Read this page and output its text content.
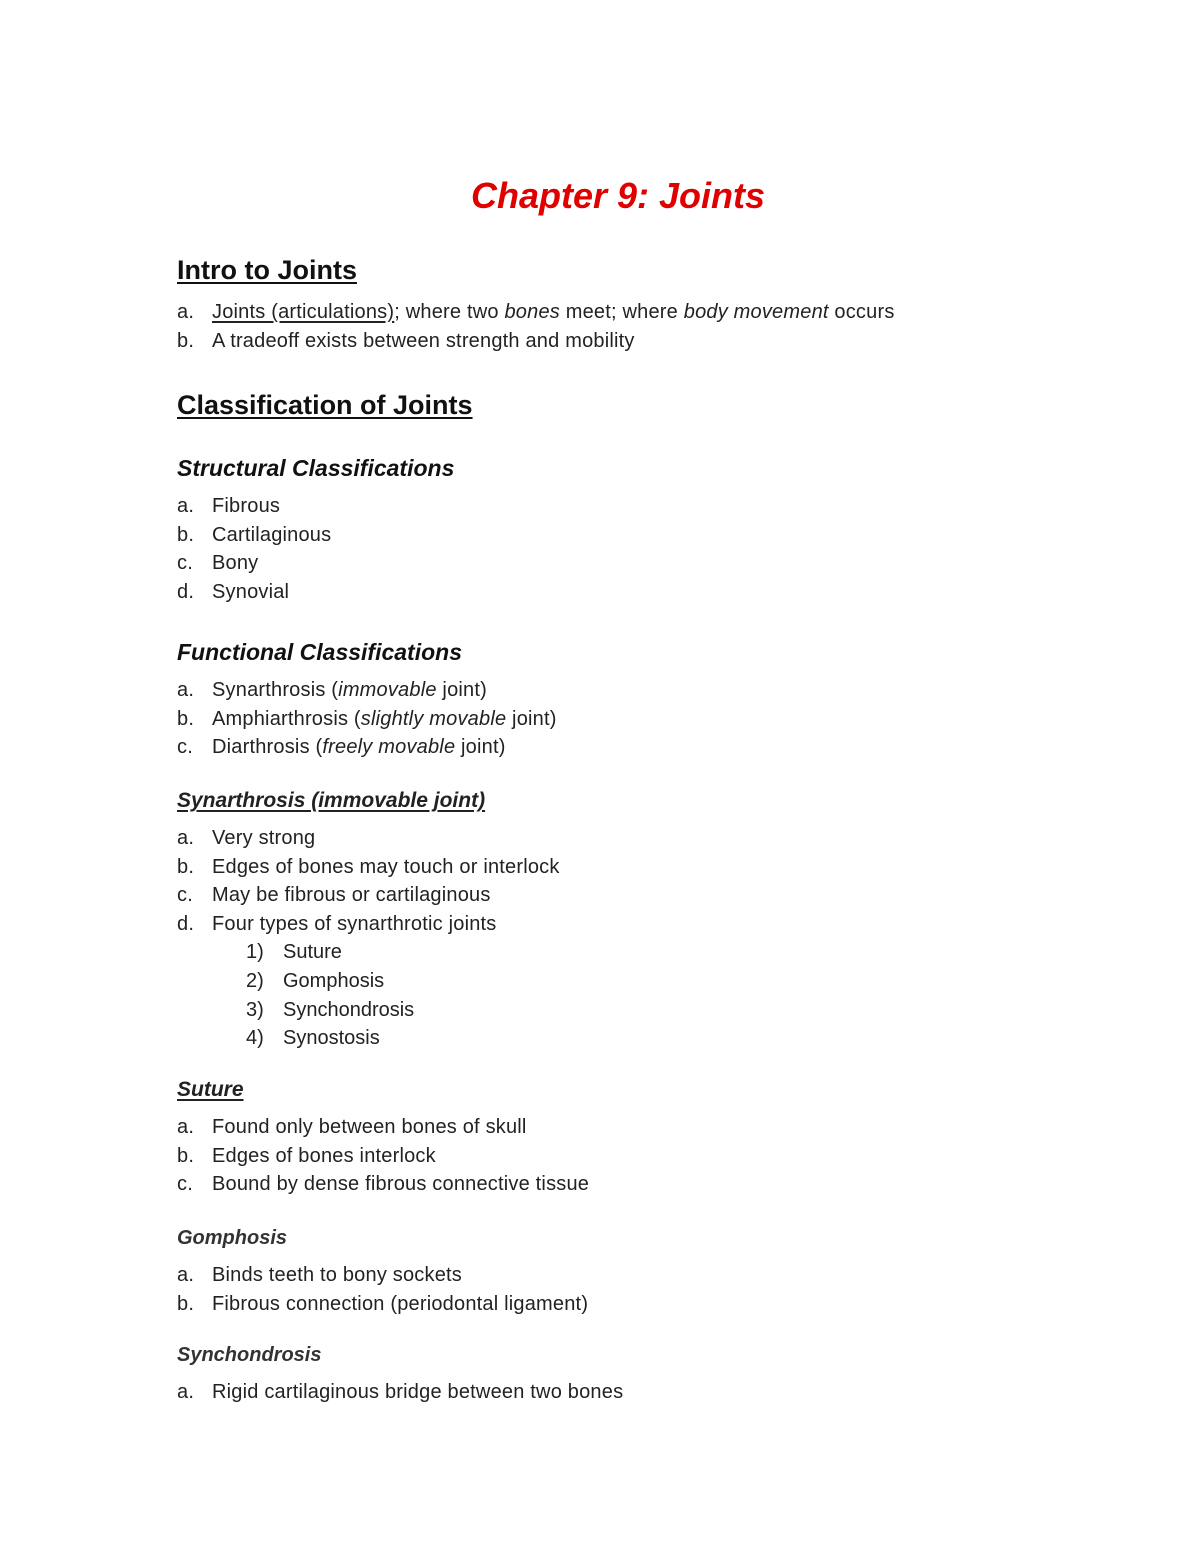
Chapter 9: Joints
Intro to Joints
a. Joints (articulations); where two bones meet; where body movement occurs
b. A tradeoff exists between strength and mobility
Classification of Joints
Structural Classifications
a. Fibrous
b. Cartilaginous
c. Bony
d. Synovial
Functional Classifications
a. Synarthrosis (immovable joint)
b. Amphiarthrosis (slightly movable joint)
c. Diarthrosis (freely movable joint)
Synarthrosis (immovable joint)
a. Very strong
b. Edges of bones may touch or interlock
c. May be fibrous or cartilaginous
d. Four types of synarthrotic joints
1) Suture
2) Gomphosis
3) Synchondrosis
4) Synostosis
Suture
a. Found only between bones of skull
b. Edges of bones interlock
c. Bound by dense fibrous connective tissue
Gomphosis
a. Binds teeth to bony sockets
b. Fibrous connection (periodontal ligament)
Synchondrosis
a. Rigid cartilaginous bridge between two bones
